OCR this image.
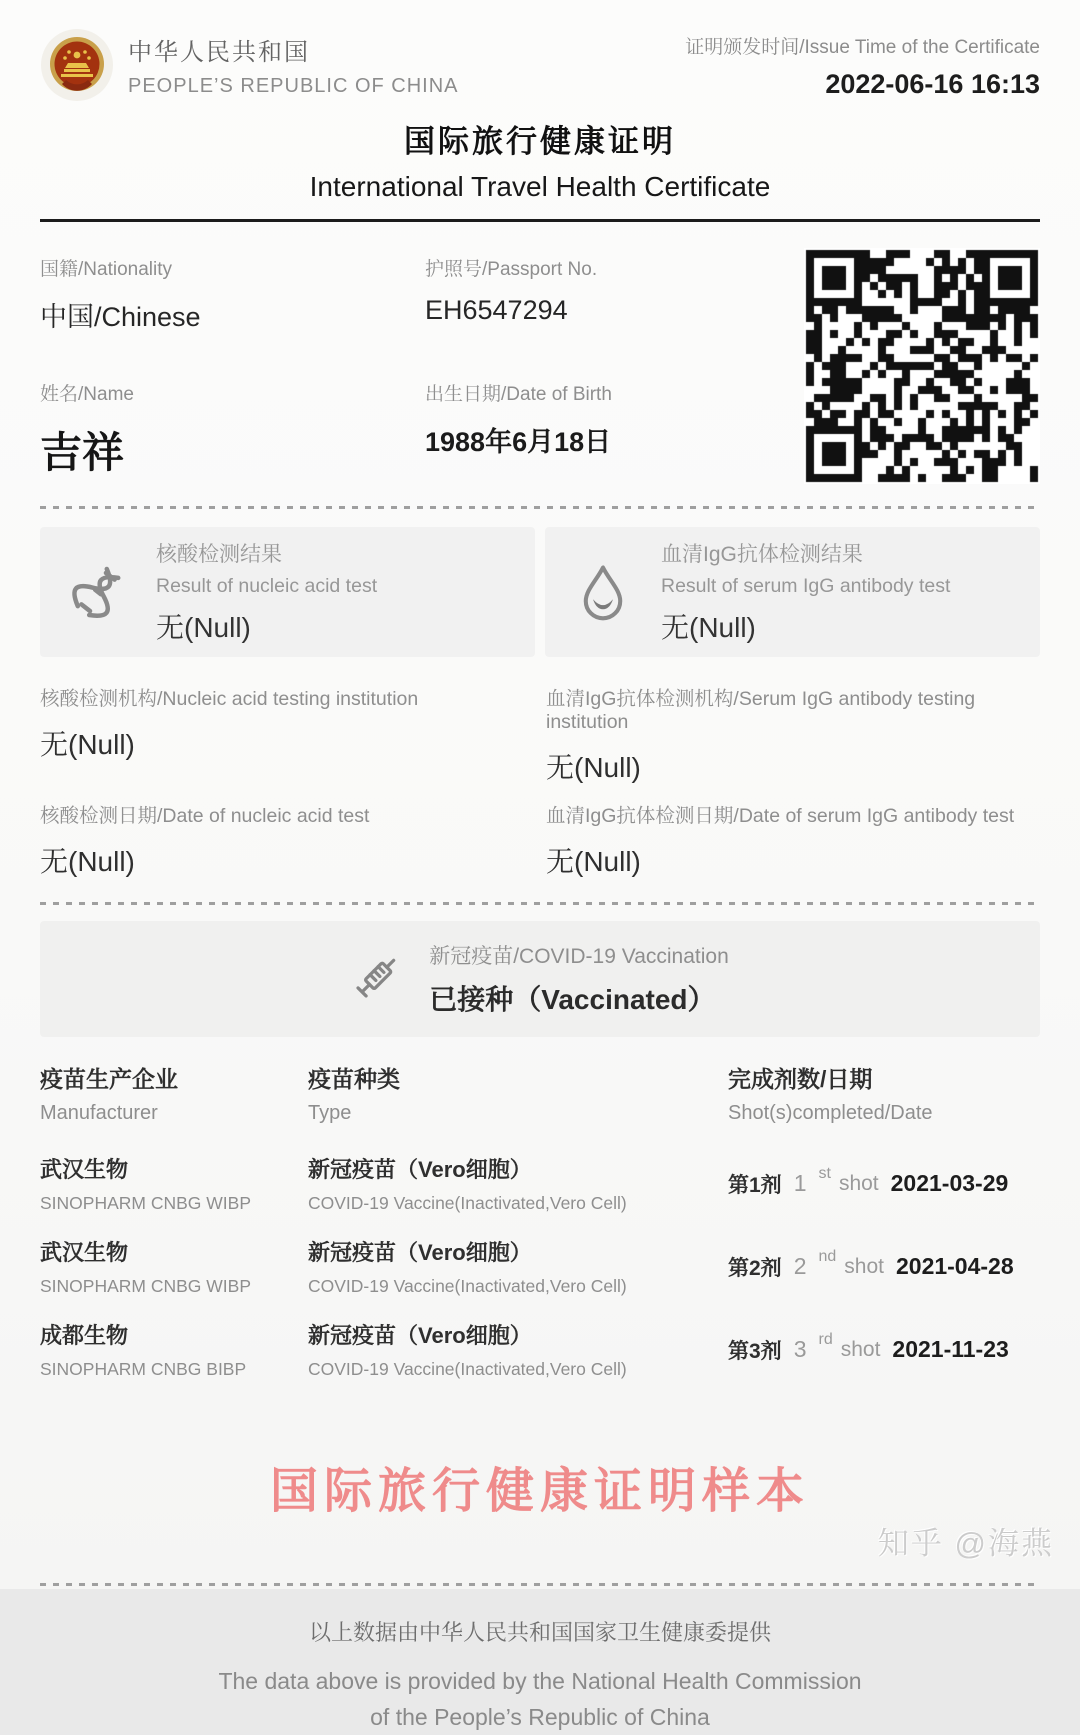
中华人民共和国
PEOPLE’S REPUBLIC OF CHINA
证明颁发时间/Issue Time of the Certificate
2022-06-16 16:13
国际旅行健康证明
International Travel Health Certificate
国籍/Nationality
中国/Chinese
护照号/Passport No.
EH6547294
姓名/Name
吉祥
出生日期/Date of Birth
1988年6月18日
核酸检测结果
Result of nucleic acid test
无(Null)
血清IgG抗体检测结果
Result of serum IgG antibody test
无(Null)
核酸检测机构/Nucleic acid testing institution
无(Null)
血清IgG抗体检测机构/Serum IgG antibody testing institution
无(Null)
核酸检测日期/Date of nucleic acid test
无(Null)
血清IgG抗体检测日期/Date of serum IgG antibody test
无(Null)
新冠疫苗/COVID-19 Vaccination
已接种（Vaccinated）
疫苗生产企业
Manufacturer
疫苗种类
Type
完成剂数/日期
Shot(s)completed/Date
武汉生物
SINOPHARM CNBG WIBP
新冠疫苗（Vero细胞）
COVID-19 Vaccine(Inactivated,Vero Cell)
第1剂 1 st shot 2021-03-29
武汉生物
SINOPHARM CNBG WIBP
新冠疫苗（Vero细胞）
COVID-19 Vaccine(Inactivated,Vero Cell)
第2剂 2 nd shot 2021-04-28
成都生物
SINOPHARM CNBG BIBP
新冠疫苗（Vero细胞）
COVID-19 Vaccine(Inactivated,Vero Cell)
第3剂 3 rd shot 2021-11-23
国际旅行健康证明样本
以上数据由中华人民共和国国家卫生健康委提供
The data above is provided by the National Health Commission
of the People’s Republic of China
知乎 @海燕
